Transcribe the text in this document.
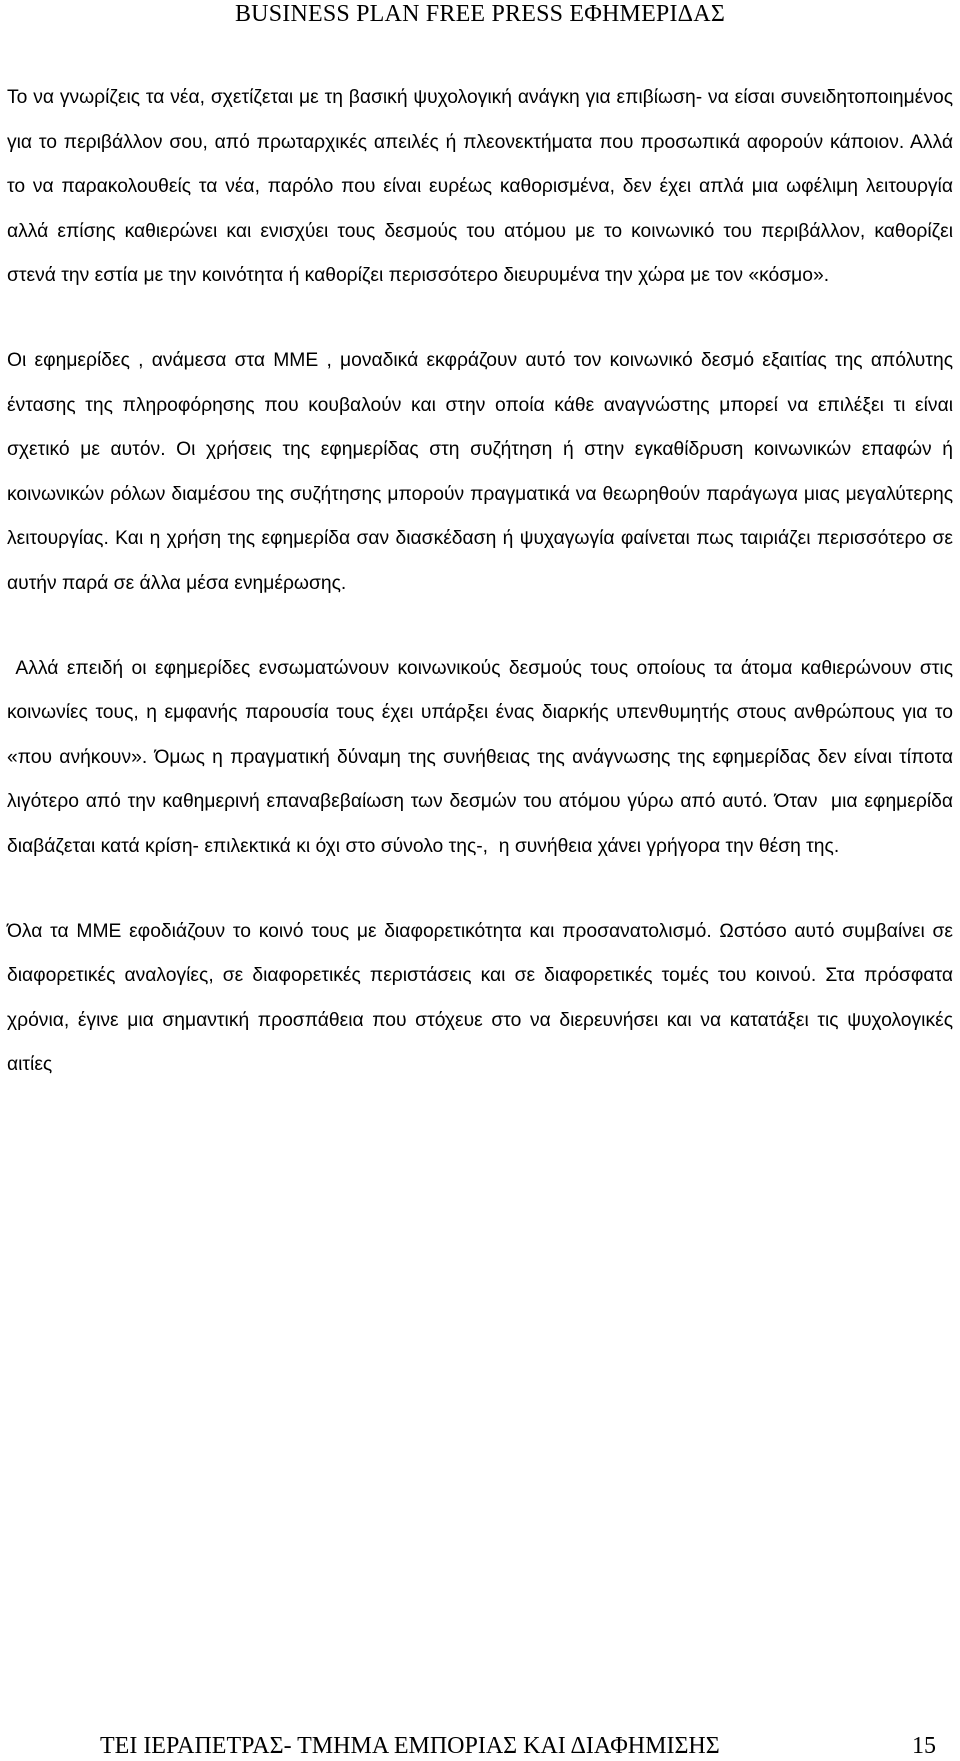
BUSINESS PLAN FREE PRESS ΕΦΗΜΕΡΙΔΑΣ

Το να γνωρίζεις τα νέα, σχετίζεται με τη βασική ψυχολογική ανάγκη για επιβίωση- να είσαι συνειδητοποιημένος για το περιβάλλον σου, από πρωταρχικές απειλές ή πλεονεκτήματα που προσωπικά αφορούν κάποιον. Αλλά το να παρακολουθείς τα νέα, παρόλο που είναι ευρέως καθορισμένα, δεν έχει απλά μια ωφέλιμη λειτουργία αλλά επίσης καθιερώνει και ενισχύει τους δεσμούς του ατόμου με το κοινωνικό του περιβάλλον, καθορίζει στενά την εστία με την κοινότητα ή καθορίζει περισσότερο διευρυμένα την χώρα με τον «κόσμο».

Οι εφημερίδες , ανάμεσα στα ΜΜΕ , μοναδικά εκφράζουν αυτό τον κοινωνικό δεσμό εξαιτίας της απόλυτης έντασης της πληροφόρησης που κουβαλούν και στην οποία κάθε αναγνώστης μπορεί να επιλέξει τι είναι σχετικό με αυτόν. Οι χρήσεις της εφημερίδας στη συζήτηση ή στην εγκαθίδρυση κοινωνικών επαφών ή κοινωνικών ρόλων διαμέσου της συζήτησης μπορούν πραγματικά να θεωρηθούν παράγωγα μιας μεγαλύτερης λειτουργίας. Και η χρήση της εφημερίδα σαν διασκέδαση ή ψυχαγωγία φαίνεται πως ταιριάζει περισσότερο σε αυτήν παρά σε άλλα μέσα ενημέρωσης.

Αλλά επειδή οι εφημερίδες ενσωματώνουν κοινωνικούς δεσμούς τους οποίους τα άτομα καθιερώνουν στις κοινωνίες τους, η εμφανής παρουσία τους έχει υπάρξει ένας διαρκής υπενθυμητής στους ανθρώπους για το «που ανήκουν». Όμως η πραγματική δύναμη της συνήθειας της ανάγνωσης της εφημερίδας δεν είναι τίποτα λιγότερο από την καθημερινή επαναβεβαίωση των δεσμών του ατόμου γύρω από αυτό. Όταν  μια εφημερίδα διαβάζεται κατά κρίση- επιλεκτικά κι όχι στο σύνολο της-,  η συνήθεια χάνει γρήγορα την θέση της.

Όλα τα ΜΜΕ εφοδιάζουν το κοινό τους με διαφορετικότητα και προσανατολισμό. Ωστόσο αυτό συμβαίνει σε διαφορετικές αναλογίες, σε διαφορετικές περιστάσεις και σε διαφορετικές τομές του κοινού. Στα πρόσφατα χρόνια, έγινε μια σημαντική προσπάθεια που στόχευε στο να διερευνήσει και να κατατάξει τις ψυχολογικές αιτίες

ΤΕΙ ΙΕΡΑΠΕΤΡΑΣ- ΤΜΗΜΑ ΕΜΠΟΡΙΑΣ ΚΑΙ ΔΙΑΦΗΜΙΣΗΣ	15
